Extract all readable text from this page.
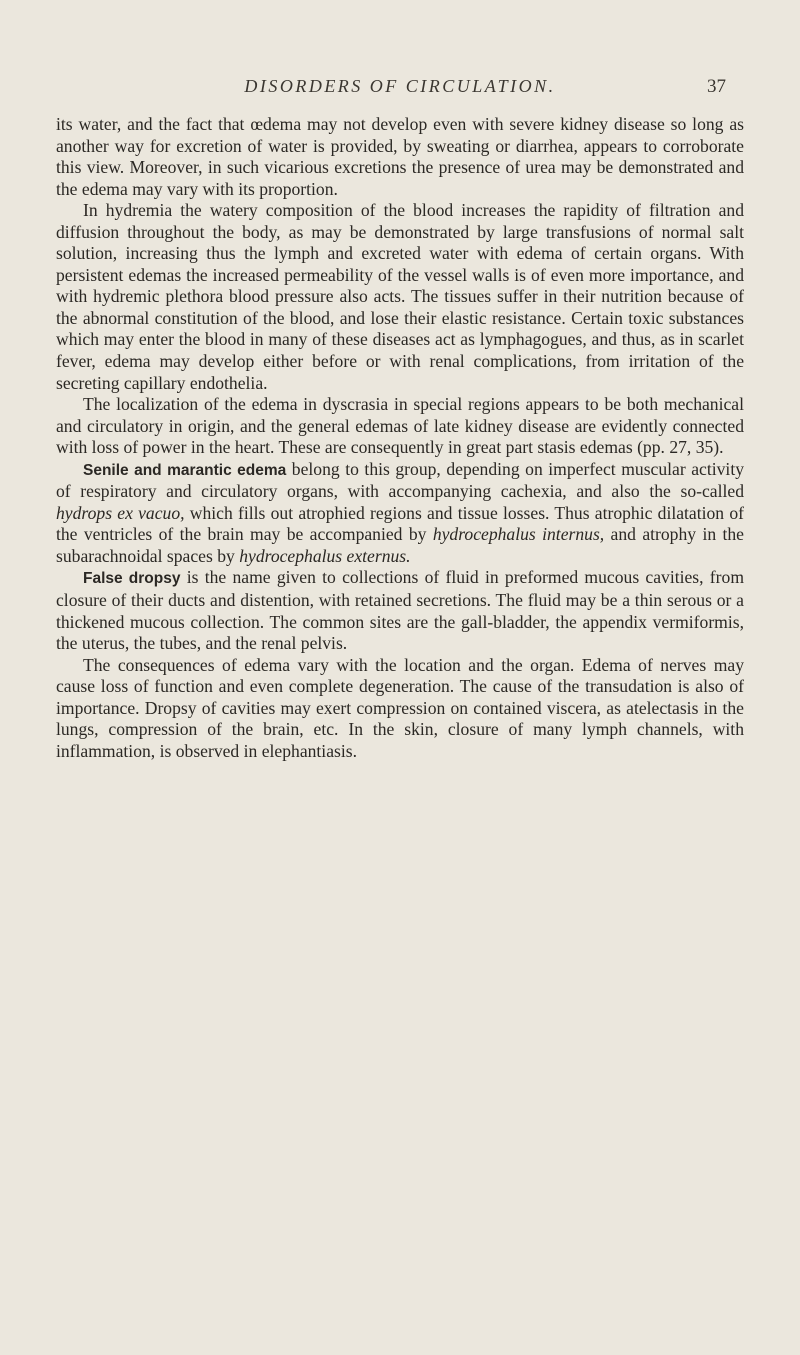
DISORDERS OF CIRCULATION.	37

its water, and the fact that œdema may not develop even with severe kidney disease so long as another way for excretion of water is provided, by sweating or diarrhea, appears to corroborate this view. Moreover, in such vicarious excretions the presence of urea may be demonstrated and the edema may vary with its proportion.

In hydremia the watery composition of the blood increases the rapidity of filtration and diffusion throughout the body, as may be demonstrated by large transfusions of normal salt solution, increasing thus the lymph and excreted water with edema of certain organs. With persistent edemas the increased permeability of the vessel walls is of even more importance, and with hydremic plethora blood pressure also acts. The tissues suffer in their nutrition because of the abnormal constitution of the blood, and lose their elastic resistance. Certain toxic substances which may enter the blood in many of these diseases act as lymphagogues, and thus, as in scarlet fever, edema may develop either before or with renal complications, from irritation of the secreting capillary endothelia.

The localization of the edema in dyscrasia in special regions appears to be both mechanical and circulatory in origin, and the general edemas of late kidney disease are evidently connected with loss of power in the heart. These are consequently in great part stasis edemas (pp. 27, 35).

Senile and marantic edema belong to this group, depending on imperfect muscular activity of respiratory and circulatory organs, with accompanying cachexia, and also the so-called hydrops ex vacuo, which fills out atrophied regions and tissue losses. Thus atrophic dilatation of the ventricles of the brain may be accompanied by hydrocephalus internus, and atrophy in the subarachnoidal spaces by hydrocephalus externus.

False dropsy is the name given to collections of fluid in preformed mucous cavities, from closure of their ducts and distention, with retained secretions. The fluid may be a thin serous or a thickened mucous collection. The common sites are the gall-bladder, the appendix vermiformis, the uterus, the tubes, and the renal pelvis.

The consequences of edema vary with the location and the organ. Edema of nerves may cause loss of function and even complete degeneration. The cause of the transudation is also of importance. Dropsy of cavities may exert compression on contained viscera, as atelectasis in the lungs, compression of the brain, etc. In the skin, closure of many lymph channels, with inflammation, is observed in elephantiasis.
